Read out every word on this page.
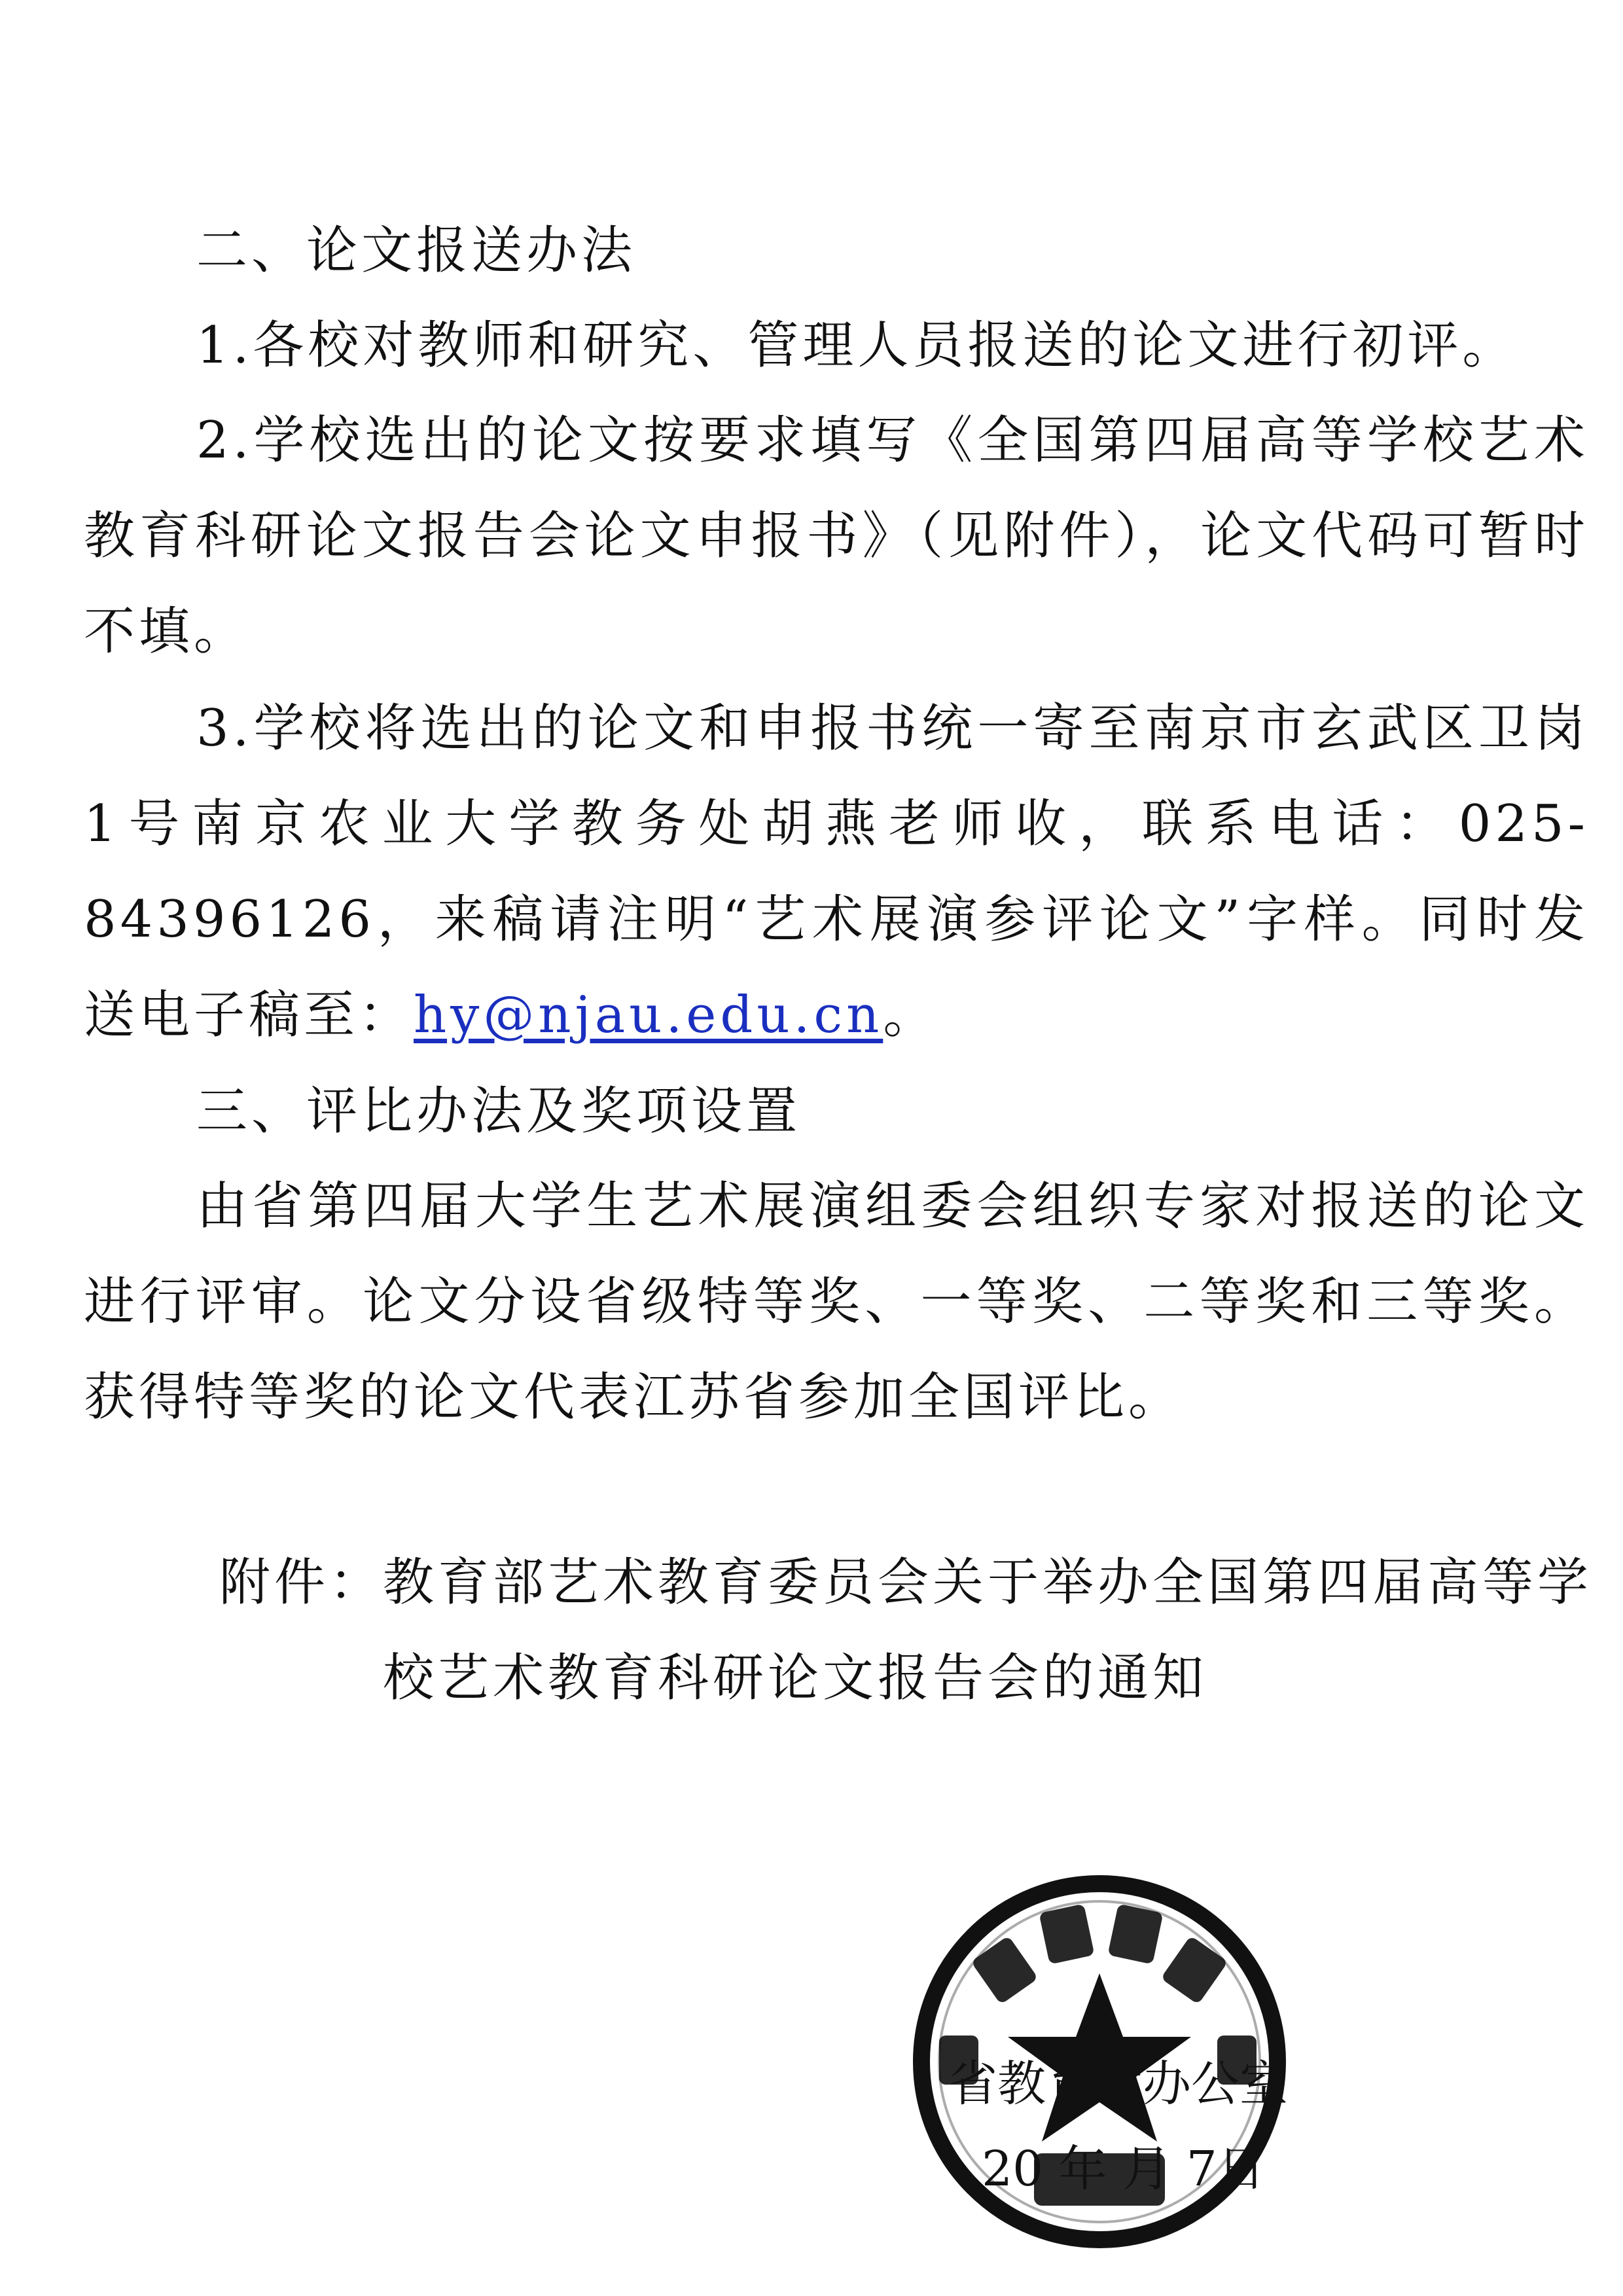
二、论文报送办法
1.各校对教师和研究、管理人员报送的论文进行初评。
2.学校选出的论文按要求填写《全国第四届高等学校艺术教育科研论文报告会论文申报书》（见附件），论文代码可暂时不填。
3.学校将选出的论文和申报书统一寄至南京市玄武区卫岗1号南京农业大学教务处胡燕老师收，联系电话：025-84396126，来稿请注明“艺术展演参评论文”字样。同时发送电子稿至：hy@njau.edu.cn。
三、评比办法及奖项设置
由省第四届大学生艺术展演组委会组织专家对报送的论文进行评审。论文分设省级特等奖、一等奖、二等奖和三等奖。获得特等奖的论文代表江苏省参加全国评比。
附件：
教育部艺术教育委员会关于举办全国第四届高等学校艺术教育科研论文报告会的通知
省教育厅办公室
20 年 月 7日
